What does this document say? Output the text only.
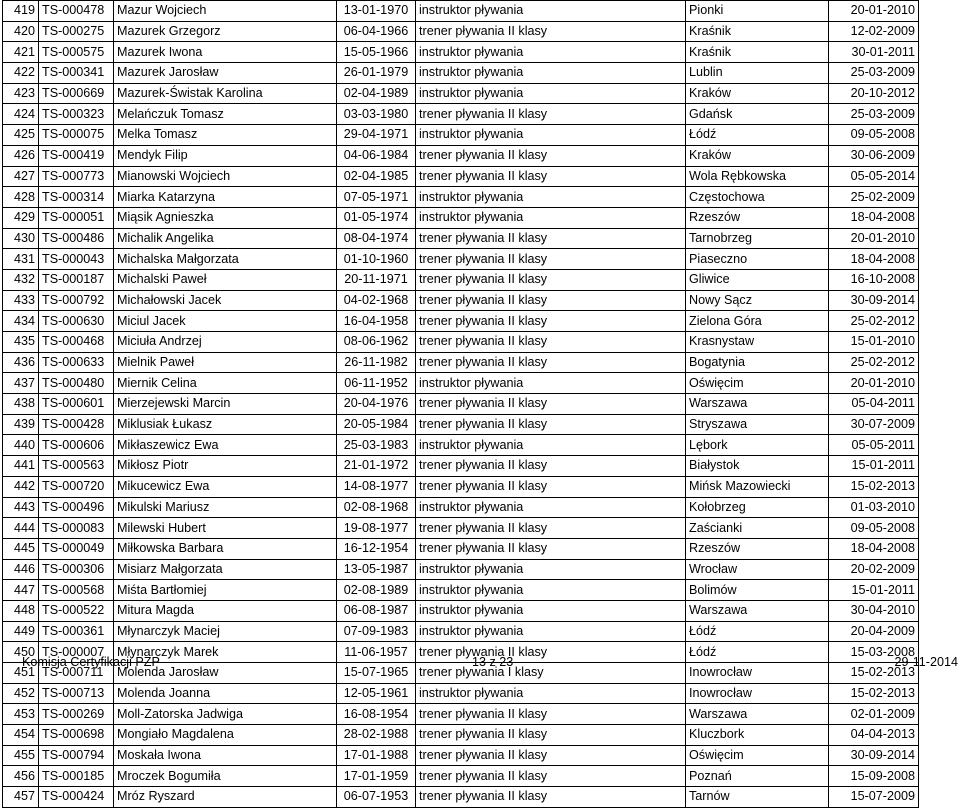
419	TS-000478	Mazur Wojciech	13-01-1970	instruktor pływania	Pionki	20-01-2010
420	TS-000275	Mazurek Grzegorz	06-04-1966	trener pływania II klasy	Kraśnik	12-02-2009
421	TS-000575	Mazurek Iwona	15-05-1966	instruktor pływania	Kraśnik	30-01-2011
422	TS-000341	Mazurek Jarosław	26-01-1979	instruktor pływania	Lublin	25-03-2009
423	TS-000669	Mazurek-Świstak Karolina	02-04-1989	instruktor pływania	Kraków	20-10-2012
424	TS-000323	Melańczuk Tomasz	03-03-1980	trener pływania II klasy	Gdańsk	25-03-2009
425	TS-000075	Melka Tomasz	29-04-1971	instruktor pływania	Łódź	09-05-2008
426	TS-000419	Mendyk Filip	04-06-1984	trener pływania II klasy	Kraków	30-06-2009
427	TS-000773	Mianowski Wojciech	02-04-1985	trener pływania II klasy	Wola Rębkowska	05-05-2014
428	TS-000314	Miarka Katarzyna	07-05-1971	instruktor pływania	Częstochowa	25-02-2009
429	TS-000051	Miąsik Agnieszka	01-05-1974	instruktor pływania	Rzeszów	18-04-2008
430	TS-000486	Michalik Angelika	08-04-1974	trener pływania II klasy	Tarnobrzeg	20-01-2010
431	TS-000043	Michalska Małgorzata	01-10-1960	trener pływania II klasy	Piaseczno	18-04-2008
432	TS-000187	Michalski Paweł	20-11-1971	trener pływania II klasy	Gliwice	16-10-2008
433	TS-000792	Michałowski Jacek	04-02-1968	trener pływania II klasy	Nowy Sącz	30-09-2014
434	TS-000630	Miciul Jacek	16-04-1958	trener pływania II klasy	Zielona Góra	25-02-2012
435	TS-000468	Miciuła Andrzej	08-06-1962	trener pływania II klasy	Krasnystaw	15-01-2010
436	TS-000633	Mielnik Paweł	26-11-1982	trener pływania II klasy	Bogatynia	25-02-2012
437	TS-000480	Miernik Celina	06-11-1952	instruktor pływania	Oświęcim	20-01-2010
438	TS-000601	Mierzejewski Marcin	20-04-1976	trener pływania II klasy	Warszawa	05-04-2011
439	TS-000428	Miklusiak Łukasz	20-05-1984	trener pływania II klasy	Stryszawa	30-07-2009
440	TS-000606	Mikłaszewicz Ewa	25-03-1983	instruktor pływania	Lębork	05-05-2011
441	TS-000563	Mikłosz Piotr	21-01-1972	trener pływania II klasy	Białystok	15-01-2011
442	TS-000720	Mikucewicz Ewa	14-08-1977	trener pływania II klasy	Mińsk Mazowiecki	15-02-2013
443	TS-000496	Mikulski Mariusz	02-08-1968	instruktor pływania	Kołobrzeg	01-03-2010
444	TS-000083	Milewski Hubert	19-08-1977	trener pływania II klasy	Zaścianki	09-05-2008
445	TS-000049	Miłkowska Barbara	16-12-1954	trener pływania II klasy	Rzeszów	18-04-2008
446	TS-000306	Misiarz Małgorzata	13-05-1987	instruktor pływania	Wrocław	20-02-2009
447	TS-000568	Miśta Bartłomiej	02-08-1989	instruktor pływania	Bolimów	15-01-2011
448	TS-000522	Mitura Magda	06-08-1987	instruktor pływania	Warszawa	30-04-2010
449	TS-000361	Młynarczyk Maciej	07-09-1983	instruktor pływania	Łódź	20-04-2009
450	TS-000007	Młynarczyk Marek	11-06-1957	trener pływania II klasy	Łódź	15-03-2008
451	TS-000711	Molenda Jarosław	15-07-1965	trener pływania I klasy	Inowrocław	15-02-2013
452	TS-000713	Molenda Joanna	12-05-1961	instruktor pływania	Inowrocław	15-02-2013
453	TS-000269	Moll-Zatorska Jadwiga	16-08-1954	trener pływania II klasy	Warszawa	02-01-2009
454	TS-000698	Mongiało Magdalena	28-02-1988	trener pływania II klasy	Kluczbork	04-04-2013
455	TS-000794	Moskała Iwona	17-01-1988	trener pływania II klasy	Oświęcim	30-09-2014
456	TS-000185	Mroczek Bogumiła	17-01-1959	trener pływania II klasy	Poznań	15-09-2008
457	TS-000424	Mróz Ryszard	06-07-1953	trener pływania II klasy	Tarnów	15-07-2009
Komisja Certyfikacji PZP	13 z 23	29-11-2014
